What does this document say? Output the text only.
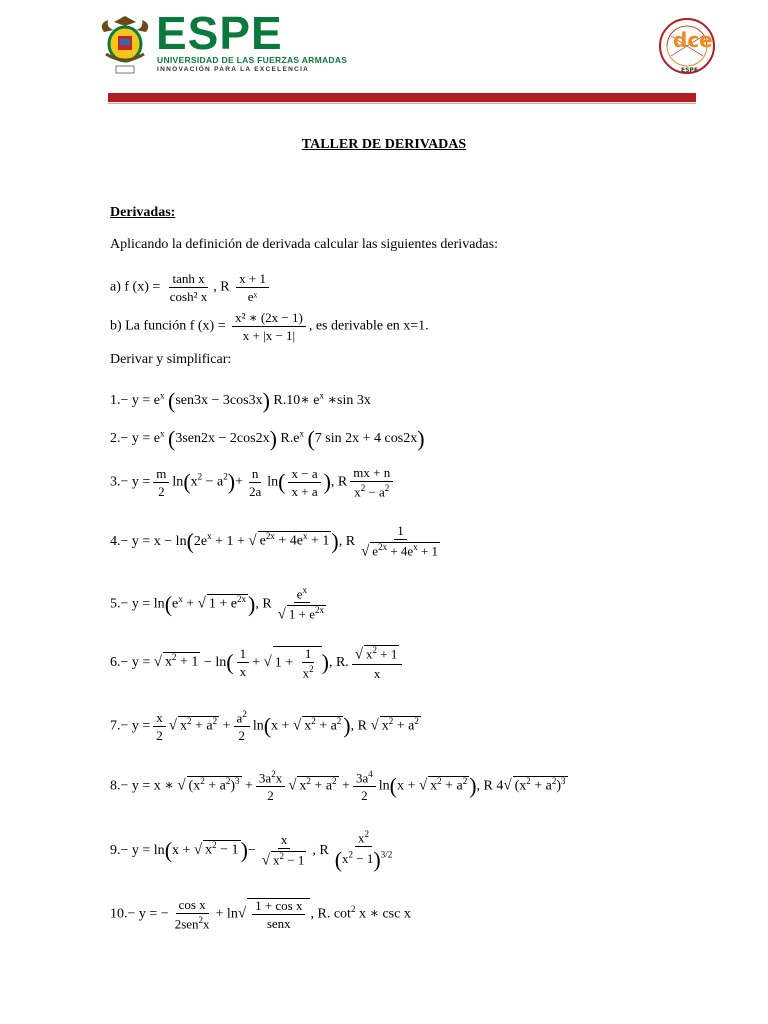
ESPE
UNIVERSIDAD DE LAS FUERZAS ARMADAS
INNOVACIÓN PARA LA EXCELENCIA
dce
ESPE
TALLER DE DERIVADAS
Derivadas:
Aplicando la definición de derivada calcular las siguientes derivadas:
a) f $(x) = \frac{\text{tanh x}}{\text{cosh² x}}$ , R $\frac{x + 1}{\text{eˣ}}$
b) La función f $(x) = \frac{\text{x² ∗ (2x − 1)}}{x + |x - 1|}$ , es derivable en x=1.
Derivar y simplificar:
$1.- y = e^x$ (sen3x − 3cos3x) R.10∗ $e^x$ ∗sin 3x
$2.- y = e^x$ (3sen2x − 2cos2x) $R.e^x$ (7 sin 2x + 4 cos2x)
$3.- y = \frac{m}{2} \ln(x^2 - a^2)+ \frac{n}{2a} \ln( \frac{x - a}{x + a}$ ), R $\frac{mx + n}{x^2 - a^2}$
$4.- y = x - \ln(2e^x + 1$ + √ $e^{2x} + 4e^x + 1$), R $\frac{1}{√ e^{2x} + 4e^x + 1}$
$5.- y = \ln(e^x$ + √ $1 + e^{2x}$), R $\frac{e^x}{√ 1 + e^{2x}}$
6.− y = √ $x^2 + 1 - \ln( \frac{1}{x}$ + √ $1 + \frac{1}{x^2}$ ), R. $\frac{√ x^2 + 1}{x}$
$7.- y = \frac{x}{2}$ √ $x^2 + a^2 + \frac{a^2}{2} \ln(x$ + √ $x^2 + a^2$), R √ $x^2 + a^2$
8.− y = x ∗ √ $(x^2 + a^2)^3 + \frac{3a^2x}{2}$ √ $x^2 + a^2 + \frac{3a^4}{2} \ln(x$ + √ $x^2 + a^2$), R 4√ $(x^2 + a^2)^3$
9.− y = ln(x + √ $x^2 - 1)- \frac{x}{√ x^2 - 1}$ , R $\frac{x^2}{(x^2 - 1)^{3/2}}$
10.− y = − $\frac{\text{cos x}}{2sen^2x} + \ln√ \frac{\text{1 + cos x}}{\text{senx}}$ , R. $\cot^2 x$ ∗ csc x
